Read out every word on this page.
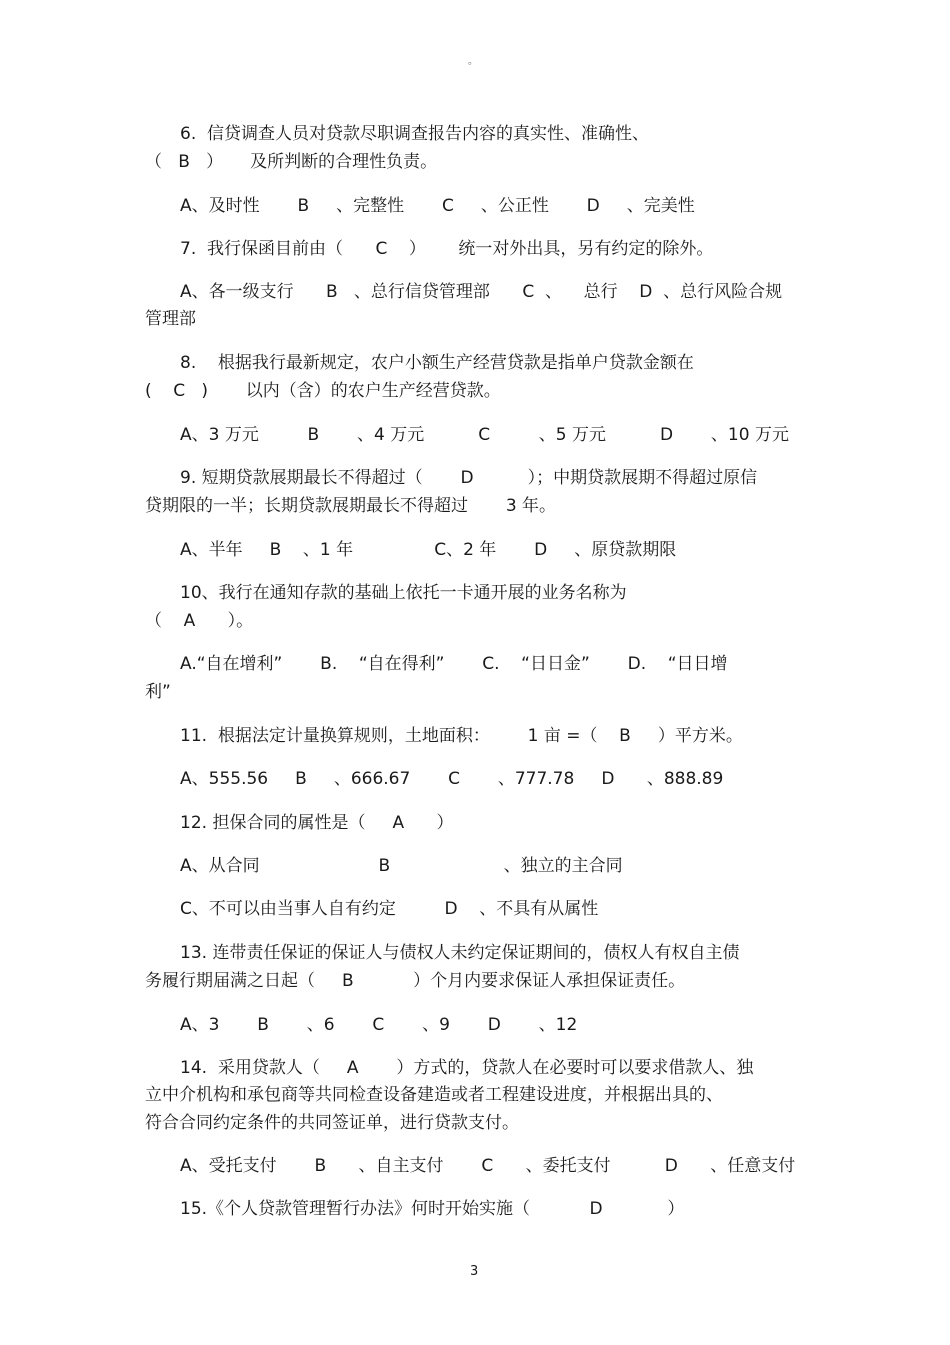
。
6.  信贷调查人员对贷款尽职调查报告内容的真实性、准确性、
（   B   ）     及所判断的合理性负责。
A、及时性       B     、完整性       C     、公正性       D     、完美性
7.  我行保函目前由（      C    ）      统一对外出具，另有约定的除外。
A、各一级支行      B   、总行信贷管理部      C  、    总行    D  、总行风险合规
管理部
8.    根据我行最新规定，农户小额生产经营贷款是指单户贷款金额在
(    C   )       以内（含）的农户生产经营贷款。
A、3 万元         B       、4 万元          C         、5 万元          D       、10 万元
9. 短期贷款展期最长不得超过（       D          ）；中期贷款展期不得超过原信
贷期限的一半；长期贷款展期最长不得超过       3 年。
A、半年     B    、1 年               C、2 年       D     、原贷款期限
10、我行在通知存款的基础上依托一卡通开展的业务名称为
（    A      ）。
A.“自在增利”       B.    “自在得利”       C.    “日日金”       D.    “日日增
利”
11.  根据法定计量换算规则，土地面积：       1 亩 =（    B     ）平方米。
A、555.56     B     、666.67       C       、777.78     D      、888.89
12. 担保合同的属性是（     A      ）
A、从合同                      B                     、独立的主合同
C、不可以由当事人自有约定         D    、不具有从属性
13. 连带责任保证的保证人与债权人未约定保证期间的，债权人有权自主债
务履行期届满之日起（     B           ）个月内要求保证人承担保证责任。
A、3       B       、6       C       、9       D       、12
14.  采用贷款人（     A       ）方式的，贷款人在必要时可以要求借款人、独
立中介机构和承包商等共同检查设备建造或者工程建设进度，并根据出具的、
符合合同约定条件的共同签证单，进行贷款支付。
A、受托支付       B      、自主支付       C      、委托支付          D      、任意支付
15.《个人贷款管理暂行办法》何时开始实施（           D            ）
3
